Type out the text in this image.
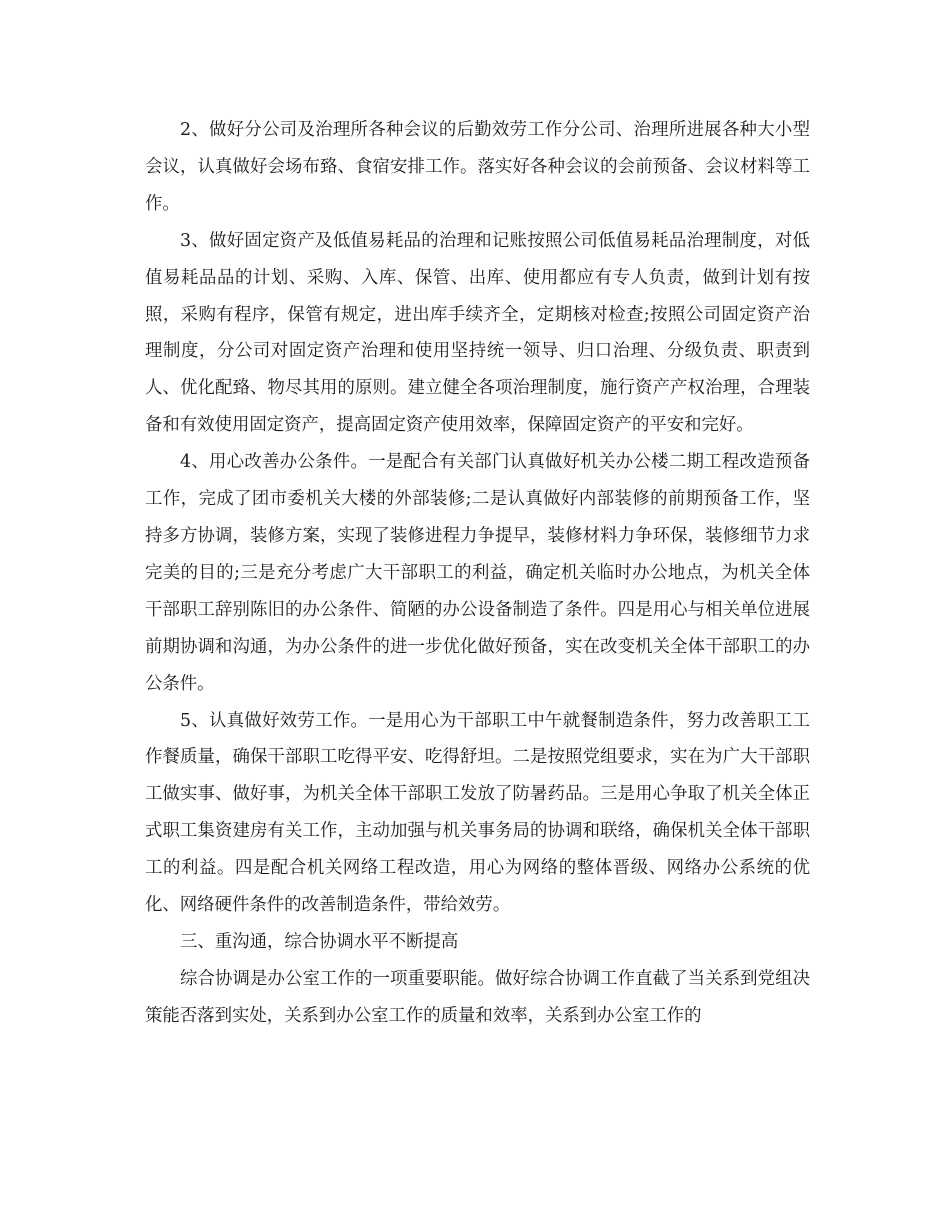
2、做好分公司及治理所各种会议的后勤效劳工作分公司、治理所进展各种大小型会议，认真做好会场布臵、食宿安排工作。落实好各种会议的会前预备、会议材料等工作。

3、做好固定资产及低值易耗品的治理和记账按照公司低值易耗品治理制度，对低值易耗品品的计划、采购、入库、保管、出库、使用都应有专人负责，做到计划有按照，采购有程序，保管有规定，进出库手续齐全，定期核对检查;按照公司固定资产治理制度，分公司对固定资产治理和使用坚持统一领导、归口治理、分级负责、职责到人、优化配臵、物尽其用的原则。建立健全各项治理制度，施行资产产权治理，合理装备和有效使用固定资产，提高固定资产使用效率，保障固定资产的平安和完好。

4、用心改善办公条件。一是配合有关部门认真做好机关办公楼二期工程改造预备工作，完成了团市委机关大楼的外部装修;二是认真做好内部装修的前期预备工作，坚持多方协调，装修方案，实现了装修进程力争提早，装修材料力争环保，装修细节力求完美的目的;三是充分考虑广大干部职工的利益，确定机关临时办公地点，为机关全体干部职工辞别陈旧的办公条件、简陋的办公设备制造了条件。四是用心与相关单位进展前期协调和沟通，为办公条件的进一步优化做好预备，实在改变机关全体干部职工的办公条件。

5、认真做好效劳工作。一是用心为干部职工中午就餐制造条件，努力改善职工工作餐质量，确保干部职工吃得平安、吃得舒坦。二是按照党组要求，实在为广大干部职工做实事、做好事，为机关全体干部职工发放了防暑药品。三是用心争取了机关全体正式职工集资建房有关工作，主动加强与机关事务局的协调和联络，确保机关全体干部职工的利益。四是配合机关网络工程改造，用心为网络的整体晋级、网络办公系统的优化、网络硬件条件的改善制造条件，带给效劳。

三、重沟通，综合协调水平不断提高

综合协调是办公室工作的一项重要职能。做好综合协调工作直截了当关系到党组决策能否落到实处，关系到办公室工作的质量和效率，关系到办公室工作的
